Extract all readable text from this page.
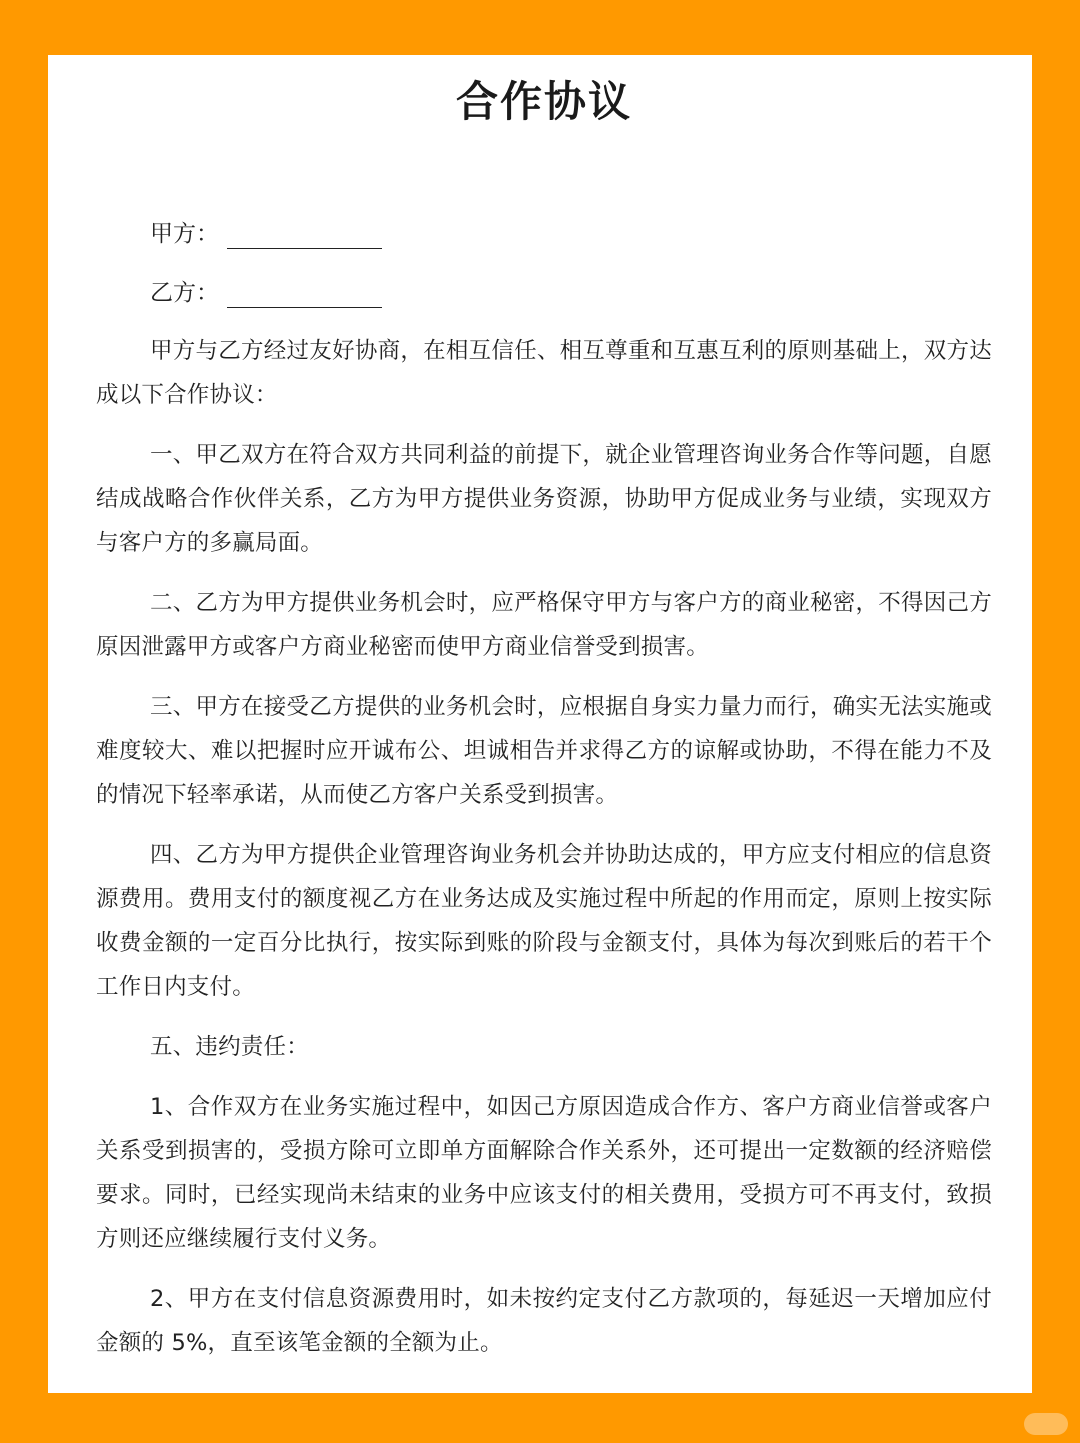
合作协议
甲方：
乙方：

甲方与乙方经过友好协商，在相互信任、相互尊重和互惠互利的原则基础上，双方达成以下合作协议：

一、甲乙双方在符合双方共同利益的前提下，就企业管理咨询业务合作等问题，自愿结成战略合作伙伴关系，乙方为甲方提供业务资源，协助甲方促成业务与业绩，实现双方与客户方的多赢局面。

二、乙方为甲方提供业务机会时，应严格保守甲方与客户方的商业秘密，不得因己方原因泄露甲方或客户方商业秘密而使甲方商业信誉受到损害。

三、甲方在接受乙方提供的业务机会时，应根据自身实力量力而行，确实无法实施或难度较大、难以把握时应开诚布公、坦诚相告并求得乙方的谅解或协助，不得在能力不及的情况下轻率承诺，从而使乙方客户关系受到损害。

四、乙方为甲方提供企业管理咨询业务机会并协助达成的，甲方应支付相应的信息资源费用。费用支付的额度视乙方在业务达成及实施过程中所起的作用而定，原则上按实际收费金额的一定百分比执行，按实际到账的阶段与金额支付，具体为每次到账后的若干个工作日内支付。

五、违约责任：

1、合作双方在业务实施过程中，如因己方原因造成合作方、客户方商业信誉或客户关系受到损害的，受损方除可立即单方面解除合作关系外，还可提出一定数额的经济赔偿要求。同时，已经实现尚未结束的业务中应该支付的相关费用，受损方可不再支付，致损方则还应继续履行支付义务。

2、甲方在支付信息资源费用时，如未按约定支付乙方款项的，每延迟一天增加应付金额的 5%，直至该笔金额的全额为止。
